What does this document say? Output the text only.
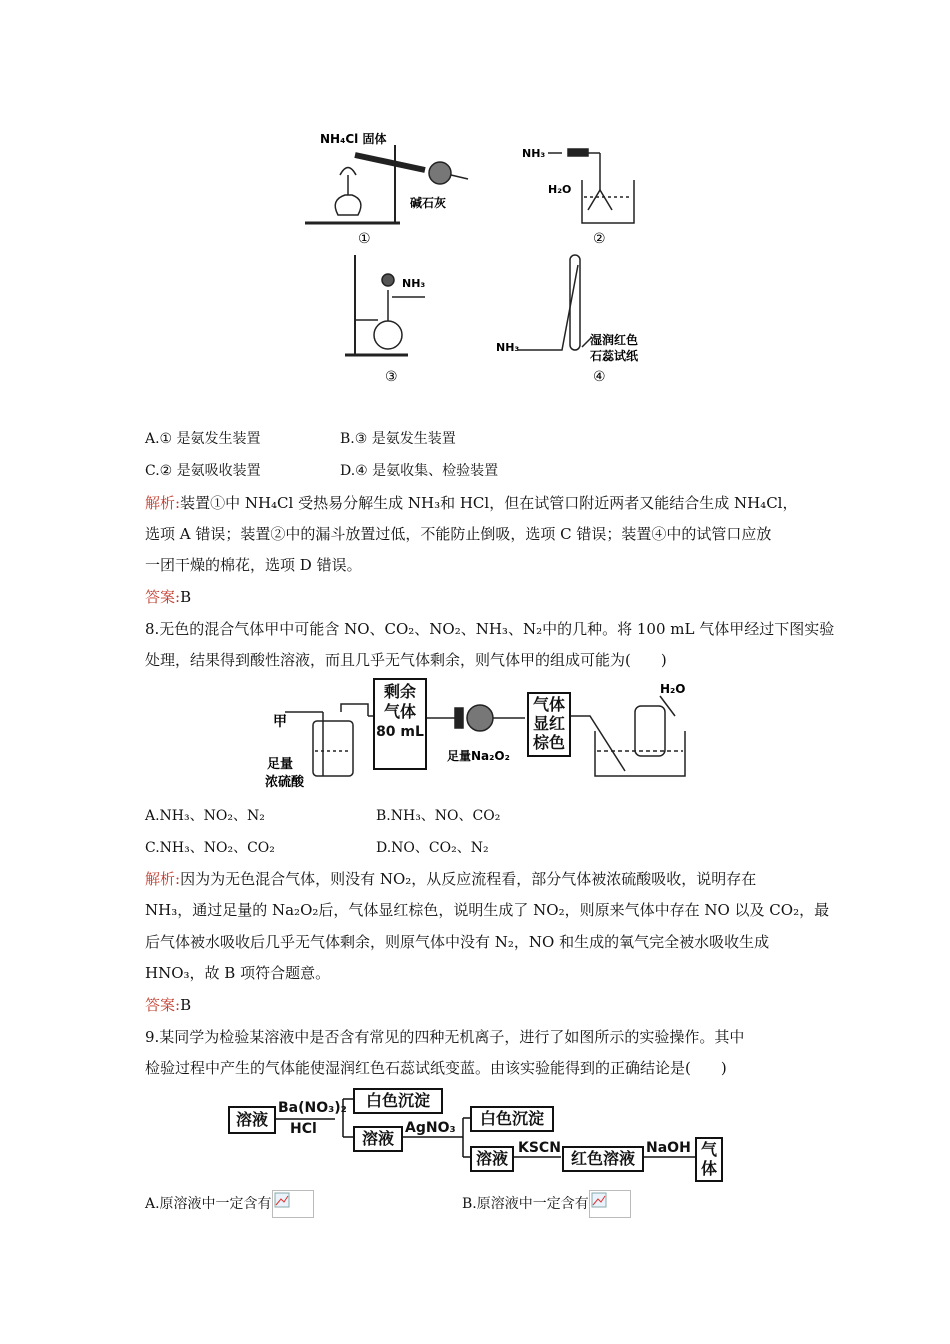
NH₄Cl 固体
碱石灰
①
NH₃
H₂O
②
NH₃
③
NH₃
湿润红色
石蕊试纸
④
A.① 是氨发生装置	B.③ 是氨发生装置
C.② 是氨吸收装置	D.④ 是氨收集、检验装置
解析:装置①中 NH₄Cl 受热易分解生成 NH₃和 HCl，但在试管口附近两者又能结合生成 NH₄Cl，
选项 A 错误；装置②中的漏斗放置过低，不能防止倒吸，选项 C 错误；装置④中的试管口应放
一团干燥的棉花，选项 D 错误。
答案:B
8.无色的混合气体甲中可能含 NO、CO₂、NO₂、NH₃、N₂中的几种。将 100 mL 气体甲经过下图实验
处理，结果得到酸性溶液，而且几乎无气体剩余，则气体甲的组成可能为(　　)
甲
足量
浓硫酸
足量Na₂O₂
H₂O
剩余
气体
80 mL
气体
显红
棕色
A.NH₃、NO₂、N₂	B.NH₃、NO、CO₂
C.NH₃、NO₂、CO₂	D.NO、CO₂、N₂
解析:因为为无色混合气体，则没有 NO₂，从反应流程看，部分气体被浓硫酸吸收，说明存在
NH₃，通过足量的 Na₂O₂后，气体显红棕色，说明生成了 NO₂，则原来气体中存在 NO 以及 CO₂，最
后气体被水吸收后几乎无气体剩余，则原气体中没有 N₂，NO 和生成的氧气完全被水吸收生成
HNO₃，故 B 项符合题意。
答案:B
9.某同学为检验某溶液中是否含有常见的四种无机离子，进行了如图所示的实验操作。其中
检验过程中产生的气体能使湿润红色石蕊试纸变蓝。由该实验能得到的正确结论是(　　)
溶液
Ba(NO₃)₂
HCl
白色沉淀
溶液
AgNO₃	白色沉淀
溶液
KSCN
红色溶液
NaOH 气
体
A.原溶液中一定含有	B.原溶液中一定含有
